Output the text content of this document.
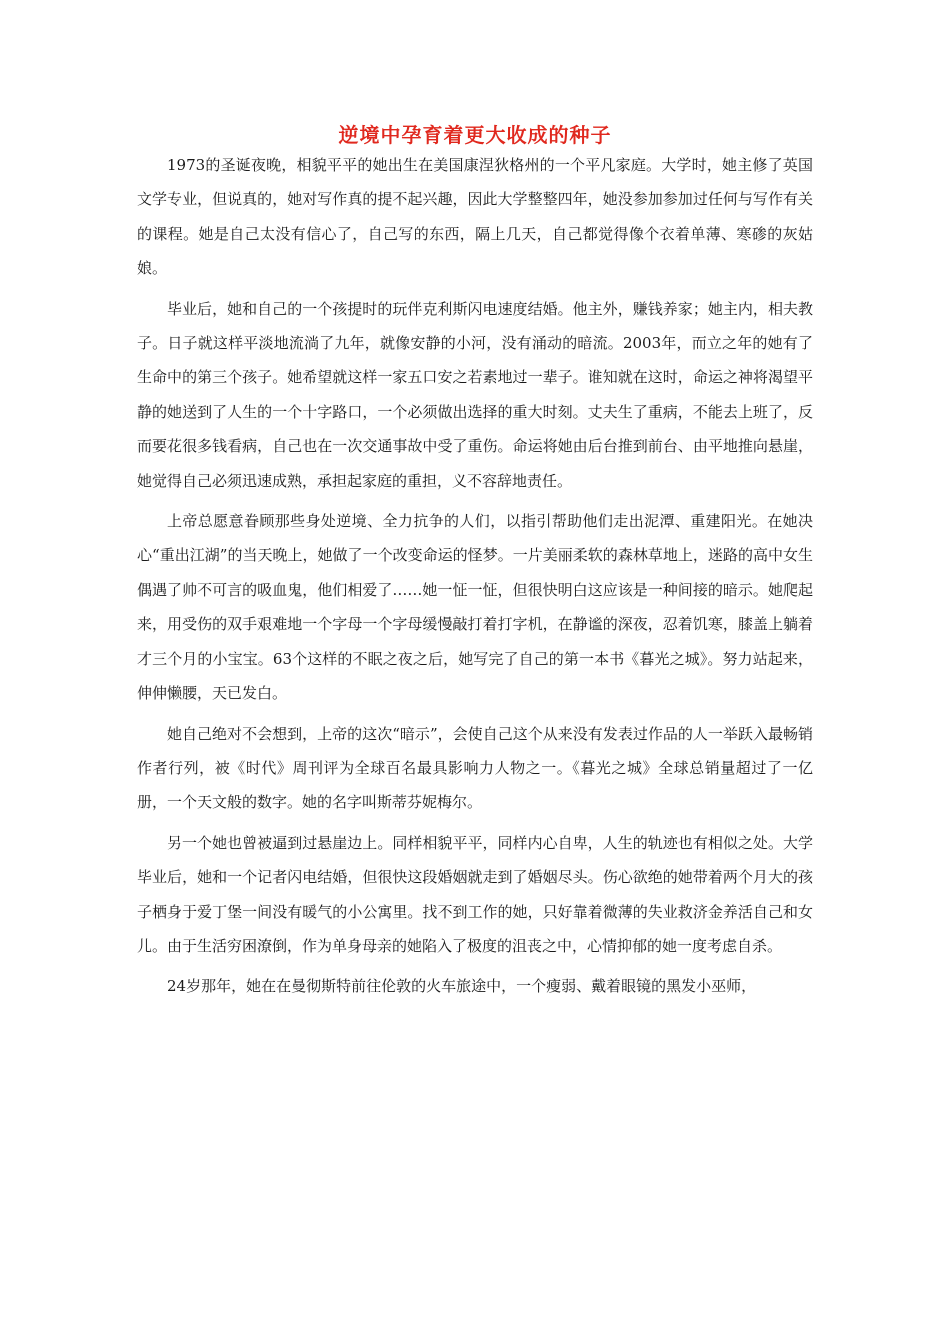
逆境中孕育着更大收成的种子

1973的圣诞夜晚，相貌平平的她出生在美国康涅狄格州的一个平凡家庭。大学时，她主修了英国文学专业，但说真的，她对写作真的提不起兴趣，因此大学整整四年，她没参加参加过任何与写作有关的课程。她是自己太没有信心了，自己写的东西，隔上几天，自己都觉得像个衣着单薄、寒碜的灰姑娘。

毕业后，她和自己的一个孩提时的玩伴克利斯闪电速度结婚。他主外，赚钱养家；她主内，相夫教子。日子就这样平淡地流淌了九年，就像安静的小河，没有涌动的暗流。2003年，而立之年的她有了生命中的第三个孩子。她希望就这样一家五口安之若素地过一辈子。谁知就在这时，命运之神将渴望平静的她送到了人生的一个十字路口，一个必须做出选择的重大时刻。丈夫生了重病，不能去上班了，反而要花很多钱看病，自己也在一次交通事故中受了重伤。命运将她由后台推到前台、由平地推向悬崖，她觉得自己必须迅速成熟，承担起家庭的重担，义不容辞地责任。

上帝总愿意眷顾那些身处逆境、全力抗争的人们，以指引帮助他们走出泥潭、重建阳光。在她决心“重出江湖”的当天晚上，她做了一个改变命运的怪梦。一片美丽柔软的森林草地上，迷路的高中女生偶遇了帅不可言的吸血鬼，他们相爱了……她一怔一怔，但很快明白这应该是一种间接的暗示。她爬起来，用受伤的双手艰难地一个字母一个字母缓慢敲打着打字机，在静谧的深夜，忍着饥寒，膝盖上躺着才三个月的小宝宝。63个这样的不眠之夜之后，她写完了自己的第一本书《暮光之城》。努力站起来，伸伸懒腰，天已发白。

她自己绝对不会想到，上帝的这次“暗示”，会使自己这个从来没有发表过作品的人一举跃入最畅销作者行列，被《时代》周刊评为全球百名最具影响力人物之一。《暮光之城》全球总销量超过了一亿册，一个天文般的数字。她的名字叫斯蒂芬妮梅尔。

另一个她也曾被逼到过悬崖边上。同样相貌平平，同样内心自卑，人生的轨迹也有相似之处。大学毕业后，她和一个记者闪电结婚，但很快这段婚姻就走到了婚姻尽头。伤心欲绝的她带着两个月大的孩子栖身于爱丁堡一间没有暖气的小公寓里。找不到工作的她，只好靠着微薄的失业救济金养活自己和女儿。由于生活穷困潦倒，作为单身母亲的她陷入了极度的沮丧之中，心情抑郁的她一度考虑自杀。

24岁那年，她在在曼彻斯特前往伦敦的火车旅途中，一个瘦弱、戴着眼镜的黑发小巫师，
